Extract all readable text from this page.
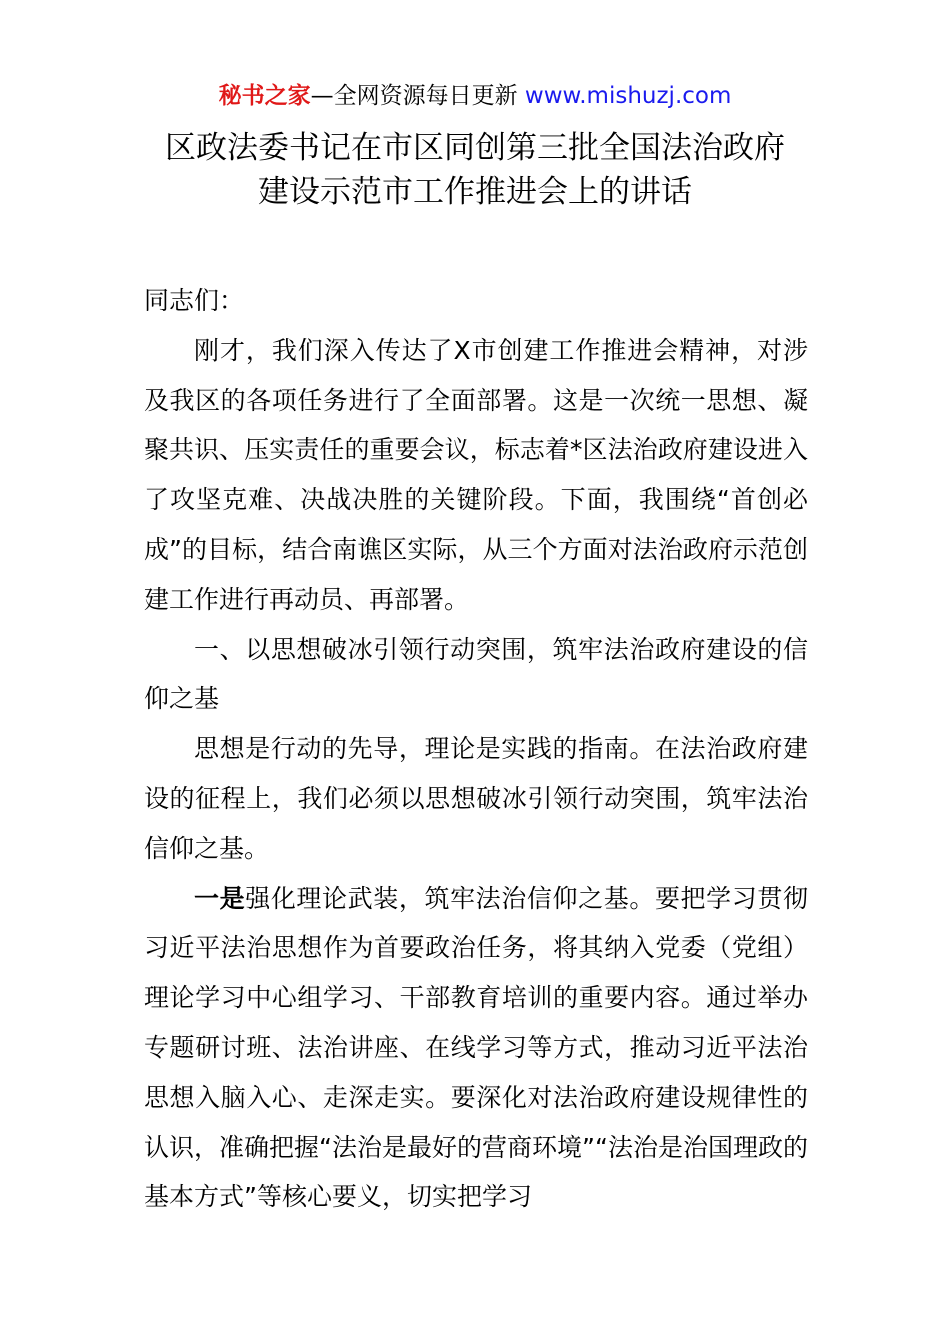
秘书之家—全网资源每日更新 www.mishuzj.com
区政法委书记在市区同创第三批全国法治政府
建设示范市工作推进会上的讲话

同志们：

刚才，我们深入传达了X市创建工作推进会精神，对涉及我区的各项任务进行了全面部署。这是一次统一思想、凝聚共识、压实责任的重要会议，标志着*区法治政府建设进入了攻坚克难、决战决胜的关键阶段。下面，我围绕“首创必成”的目标，结合南谯区实际，从三个方面对法治政府示范创建工作进行再动员、再部署。

一、以思想破冰引领行动突围，筑牢法治政府建设的信仰之基

思想是行动的先导，理论是实践的指南。在法治政府建设的征程上，我们必须以思想破冰引领行动突围，筑牢法治信仰之基。

一是强化理论武装，筑牢法治信仰之基。要把学习贯彻习近平法治思想作为首要政治任务，将其纳入党委（党组）理论学习中心组学习、干部教育培训的重要内容。通过举办专题研讨班、法治讲座、在线学习等方式，推动习近平法治思想入脑入心、走深走实。要深化对法治政府建设规律性的认识，准确把握“法治是最好的营商环境”“法治是治国理政的基本方式”等核心要义，切实把学习
